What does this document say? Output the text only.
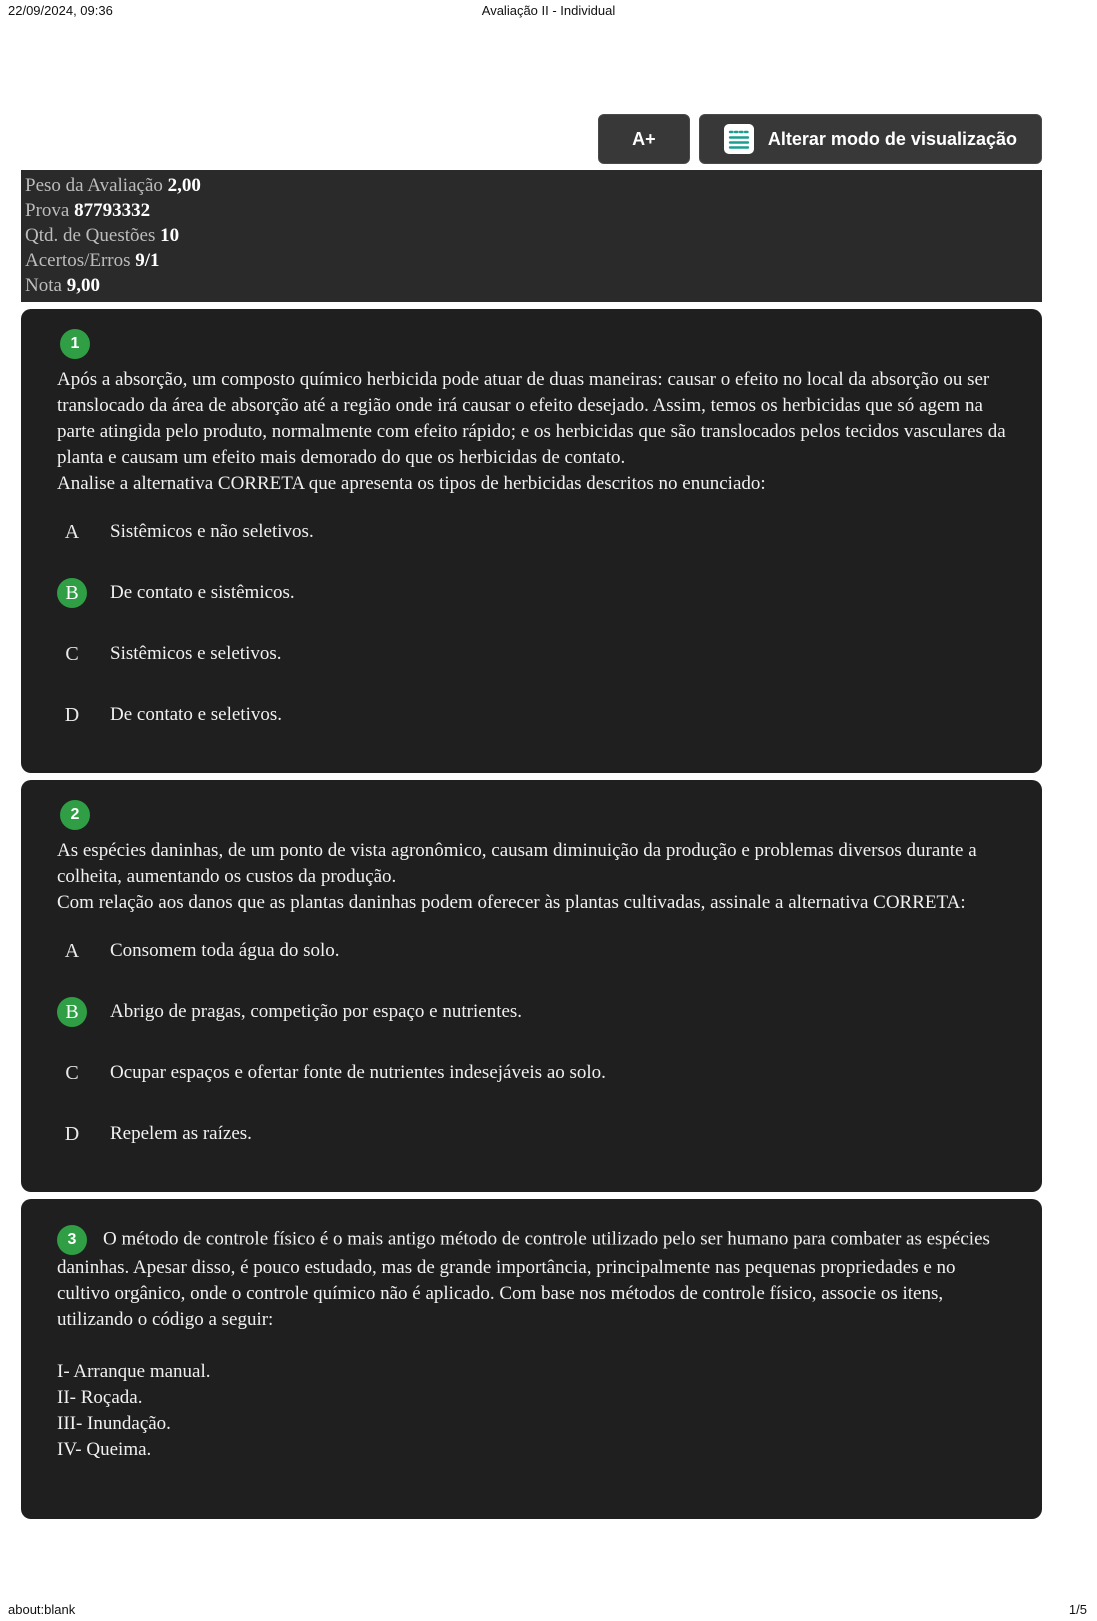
22/09/2024, 09:36	Avaliação II - Individual
A+	Alterar modo de visualização
Peso da Avaliação 2,00
Prova 87793332
Qtd. de Questões 10
Acertos/Erros 9/1
Nota 9,00
1

Após a absorção, um composto químico herbicida pode atuar de duas maneiras: causar o efeito no local da absorção ou ser translocado da área de absorção até a região onde irá causar o efeito desejado. Assim, temos os herbicidas que só agem na parte atingida pelo produto, normalmente com efeito rápido; e os herbicidas que são translocados pelos tecidos vasculares da planta e causam um efeito mais demorado do que os herbicidas de contato.

Analise a alternativa CORRETA que apresenta os tipos de herbicidas descritos no enunciado:

A	Sistêmicos e não seletivos.
B	De contato e sistêmicos.
C	Sistêmicos e seletivos.
D	De contato e seletivos.
2

As espécies daninhas, de um ponto de vista agronômico, causam diminuição da produção e problemas diversos durante a colheita, aumentando os custos da produção.

Com relação aos danos que as plantas daninhas podem oferecer às plantas cultivadas, assinale a alternativa CORRETA:

A	Consomem toda água do solo.
B	Abrigo de pragas, competição por espaço e nutrientes.
C	Ocupar espaços e ofertar fonte de nutrientes indesejáveis ao solo.
D	Repelem as raízes.

3 O método de controle físico é o mais antigo método de controle utilizado pelo ser humano para combater as espécies daninhas. Apesar disso, é pouco estudado, mas de grande importância, principalmente nas pequenas propriedades e no cultivo orgânico, onde o controle químico não é aplicado. Com base nos métodos de controle físico, associe os itens, utilizando o código a seguir:

I- Arranque manual.
II- Roçada.
III- Inundação.
IV- Queima.
about:blank	1/5
